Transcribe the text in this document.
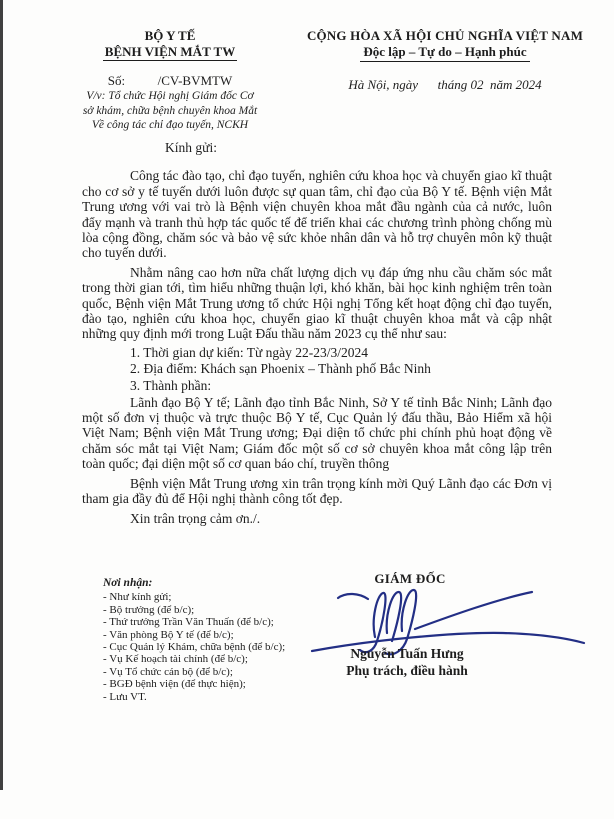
BỘ Y TẾ
BỆNH VIỆN MẮT TW
Số:          /CV-BVMTW
V/v: Tổ chức Hội nghị Giám đốc Cơ
sở khám, chữa bệnh chuyên khoa Mắt
Về công tác chỉ đạo tuyến, NCKH
CỘNG HÒA XÃ HỘI CHỦ NGHĨA VIỆT NAM
Độc lập – Tự do – Hạnh phúc
Hà Nội, ngày      tháng 02  năm 2024
Kính gửi:

Công tác đào tạo, chỉ đạo tuyến, nghiên cứu khoa học và chuyển giao kĩ thuật cho cơ sở y tế tuyến dưới luôn được sự quan tâm, chỉ đạo của Bộ Y tế. Bệnh viện Mắt Trung ương với vai trò là Bệnh viện chuyên khoa mắt đầu ngành của cả nước, luôn đẩy mạnh và tranh thủ hợp tác quốc tế để triển khai các chương trình phòng chống mù lòa cộng đồng, chăm sóc và bảo vệ sức khỏe nhân dân và hỗ trợ chuyên môn kỹ thuật cho tuyến dưới.

Nhằm nâng cao hơn nữa chất lượng dịch vụ đáp ứng nhu cầu chăm sóc mắt trong thời gian tới, tìm hiểu những thuận lợi, khó khăn, bài học kinh nghiệm trên toàn quốc, Bệnh viện Mắt Trung ương tổ chức Hội nghị Tổng kết hoạt động chỉ đạo tuyến, đào tạo, nghiên cứu khoa học, chuyển giao kĩ thuật chuyên khoa mắt và cập nhật những quy định mới trong Luật Đấu thầu năm 2023 cụ thể như sau:

1. Thời gian dự kiến: Từ ngày 22-23/3/2024
2. Địa điểm: Khách sạn Phoenix – Thành phố Bắc Ninh
3. Thành phần:

Lãnh đạo Bộ Y tế; Lãnh đạo tỉnh Bắc Ninh, Sở Y tế tỉnh Bắc Ninh; Lãnh đạo một số đơn vị thuộc và trực thuộc Bộ Y tế, Cục Quản lý đấu thầu, Bảo Hiểm xã hội Việt Nam; Bệnh viện Mắt Trung ương; Đại diện tổ chức phi chính phủ hoạt động về chăm sóc mắt tại Việt Nam; Giám đốc một số cơ sở chuyên khoa mắt công lập trên toàn quốc; đại diện một số cơ quan báo chí, truyền thông

Bệnh viện Mắt Trung ương xin trân trọng kính mời Quý Lãnh đạo các Đơn vị tham gia đầy đủ để Hội nghị thành công tốt đẹp.

Xin trân trọng cảm ơn./.
Nơi nhận:
- Như kính gửi;
- Bộ trưởng (để b/c);
- Thứ trưởng Trần Văn Thuấn (để b/c);
- Văn phòng Bộ Y tế (để b/c);
- Cục Quản lý Khám, chữa bệnh (để b/c);
- Vụ Kế hoạch tài chính (để b/c);
- Vụ Tổ chức cán bộ (để b/c);
- BGĐ bệnh viện (để thực hiện);
- Lưu VT.
GIÁM ĐỐC
Nguyễn Tuấn Hưng
Phụ trách, điều hành
